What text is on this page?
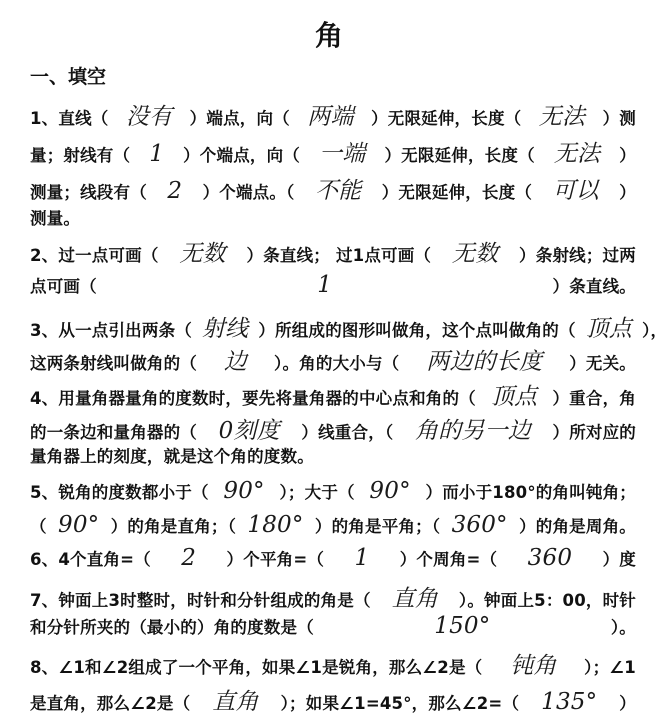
角
一、填空
1、直线（ 没有	）端点，向（ 两端	）无限延伸，长度（ 无法	）测
量；射线有（ 1	）个端点，向（ 一端	）无限延伸，长度（ 无法	）
测量；线段有（ 2	）个端点。（ 不能	）无限延伸，长度（ 可以	）
测量。
2、过一点可画（ 无数	）条直线； 过1点可画（ 无数	）条射线；过两
点可画（	1	）条直线。
3、从一点引出两条（ 射线 ）所组成的图形叫做角，这个点叫做角的（ 顶点 ），
这两条射线叫做角的（	边	）。角的大小与（	两边的长度	）无关。
4、用量角器量角的度数时，要先将量角器的中心点和角的（ 顶点 ）重合，角
的一条边和量角器的（ 0刻度	）线重合，（ 角的另一边	）所对应的
量角器上的刻度，就是这个角的度数。
5、锐角的度数都小于（ 90° ）；大于（ 90° ）而小于180°的角叫钝角；
（ 90° ）的角是直角；（ 180° ）的角是平角；（ 360° ）的角是周角。
6、4个直角=（	2	）个平角=（	1	）个周角=（	360	）度
7、钟面上3时整时，时针和分针组成的角是（ 直角	）。钟面上5：00，时针
和分针所夹的（最小的）角的度数是（	150°	）。
8、∠1和∠2组成了一个平角，如果∠1是锐角，那么∠2是（	钝角	）；∠1
是直角，那么∠2是（ 直角	）；如果∠1=45°，那么∠2=（ 135°	）
